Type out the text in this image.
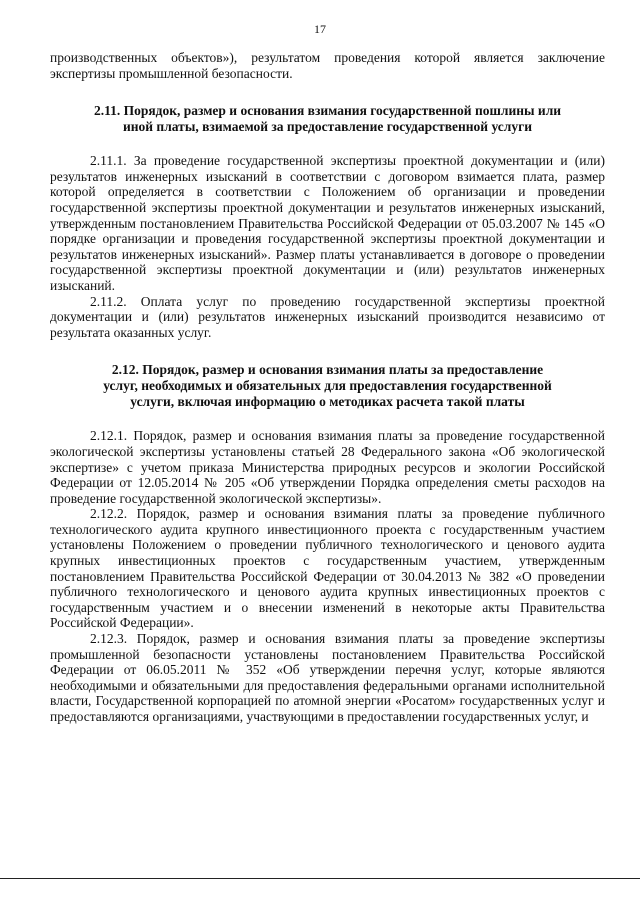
17

производственных объектов»), результатом проведения которой является заключение экспертизы промышленной безопасности.

2.11. Порядок, размер и основания взимания государственной пошлины или
иной платы, взимаемой за предоставление государственной услуги

2.11.1. За проведение государственной экспертизы проектной документации и (или) результатов инженерных изысканий в соответствии с договором взимается плата, размер которой определяется в соответствии с Положением об организации и проведении государственной экспертизы проектной документации и результатов инженерных изысканий, утвержденным постановлением Правительства Российской Федерации от 05.03.2007 № 145 «О порядке организации и проведения государственной экспертизы проектной документации и результатов инженерных изысканий». Размер платы устанавливается в договоре о проведении государственной экспертизы проектной документации и (или) результатов инженерных изысканий.

2.11.2. Оплата услуг по проведению государственной экспертизы проектной документации и (или) результатов инженерных изысканий производится независимо от результата оказанных услуг.

2.12. Порядок, размер и основания взимания платы за предоставление
услуг, необходимых и обязательных для предоставления государственной
услуги, включая информацию о методиках расчета такой платы

2.12.1. Порядок, размер и основания взимания платы за проведение государственной экологической экспертизы установлены статьей 28 Федерального закона «Об экологической экспертизе» с учетом приказа Министерства природных ресурсов и экологии Российской Федерации от 12.05.2014 № 205 «Об утверждении Порядка определения сметы расходов на проведение государственной экологической экспертизы».

2.12.2. Порядок, размер и основания взимания платы за проведение публичного технологического аудита крупного инвестиционного проекта с государственным участием установлены Положением о проведении публичного технологического и ценового аудита крупных инвестиционных проектов с государственным участием, утвержденным постановлением Правительства Российской Федерации от 30.04.2013 № 382 «О проведении публичного технологического и ценового аудита крупных инвестиционных проектов с государственным участием и о внесении изменений в некоторые акты Правительства Российской Федерации».

2.12.3. Порядок, размер и основания взимания платы за проведение экспертизы промышленной безопасности установлены постановлением Правительства Российской Федерации от 06.05.2011 № 352 «Об утверждении перечня услуг, которые являются необходимыми и обязательными для предоставления федеральными органами исполнительной власти, Государственной корпорацией по атомной энергии «Росатом» государственных услуг и предоставляются организациями, участвующими в предоставлении государственных услуг, и
